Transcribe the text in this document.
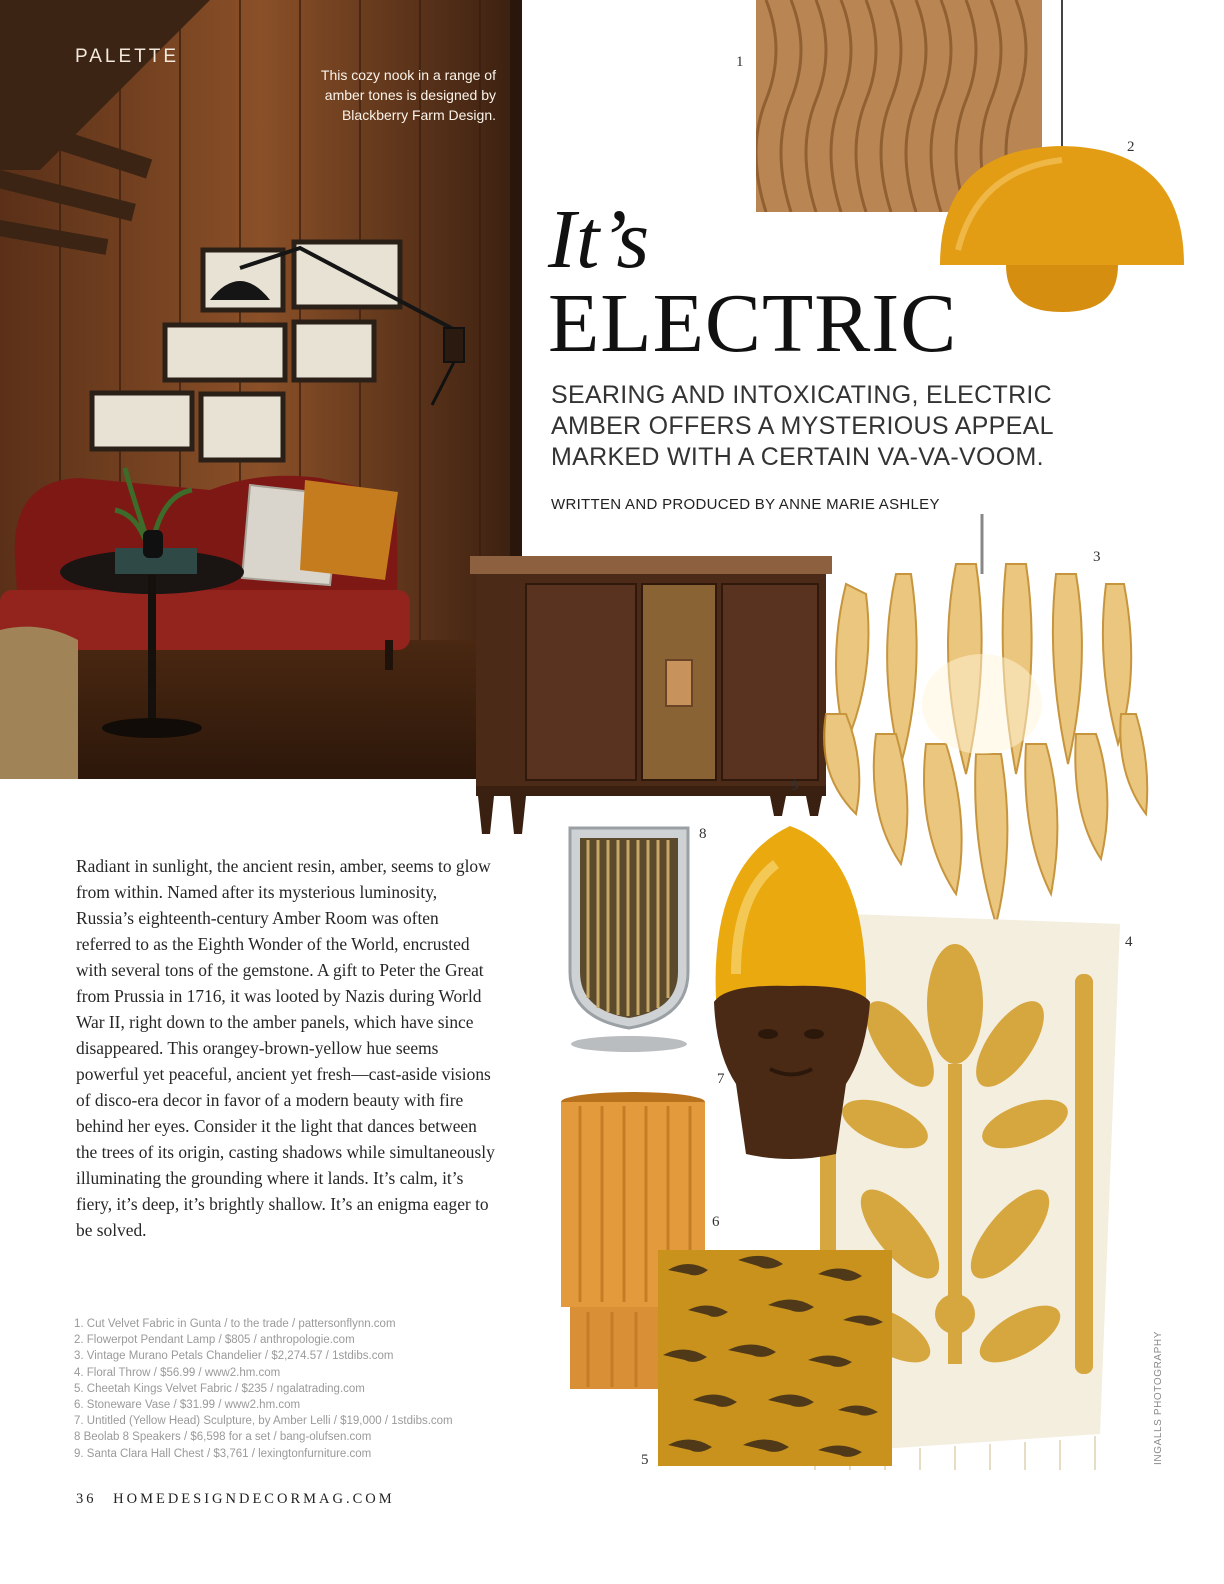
PALETTE
This cozy nook in a range of amber tones is designed by Blackberry Farm Design.
1
2
It’s
ELECTRIC
SEARING AND INTOXICATING, ELECTRIC AMBER OFFERS A MYSTERIOUS APPEAL MARKED WITH A CERTAIN VA-VA-VOOM.
WRITTEN AND PRODUCED BY ANNE MARIE ASHLEY
9
3
8
4
7
6
5
Radiant in sunlight, the ancient resin, amber, seems to glow from within. Named after its mysterious luminosity, Russia’s eighteenth-century Amber Room was often referred to as the Eighth Wonder of the World, encrusted with several tons of the gemstone. A gift to Peter the Great from Prussia in 1716, it was looted by Nazis during World War II, right down to the amber panels, which have since disappeared. This orangey-brown-yellow hue seems powerful yet peaceful, ancient yet fresh—cast-aside visions of disco-era decor in favor of a modern beauty with fire behind her eyes. Consider it the light that dances between the trees of its origin, casting shadows while simultaneously illuminating the grounding where it lands. It’s calm, it’s fiery, it’s deep, it’s brightly shallow. It’s an enigma eager to be solved.
1. Cut Velvet Fabric in Gunta / to the trade / pattersonflynn.com
2. Flowerpot Pendant Lamp / $805 / anthropologie.com
3. Vintage Murano Petals Chandelier / $2,274.57 / 1stdibs.com
4. Floral Throw / $56.99 / www2.hm.com
5. Cheetah Kings Velvet Fabric / $235 / ngalatrading.com
6. Stoneware Vase / $31.99 / www2.hm.com
7. Untitled (Yellow Head) Sculpture, by Amber Lelli / $19,000 / 1stdibs.com
8 Beolab 8 Speakers / $6,598 for a set / bang-olufsen.com
9. Santa Clara Hall Chest / $3,761 / lexingtonfurniture.com
36 HOMEDESIGNDECORMAG.COM
INGALLS PHOTOGRAPHY
